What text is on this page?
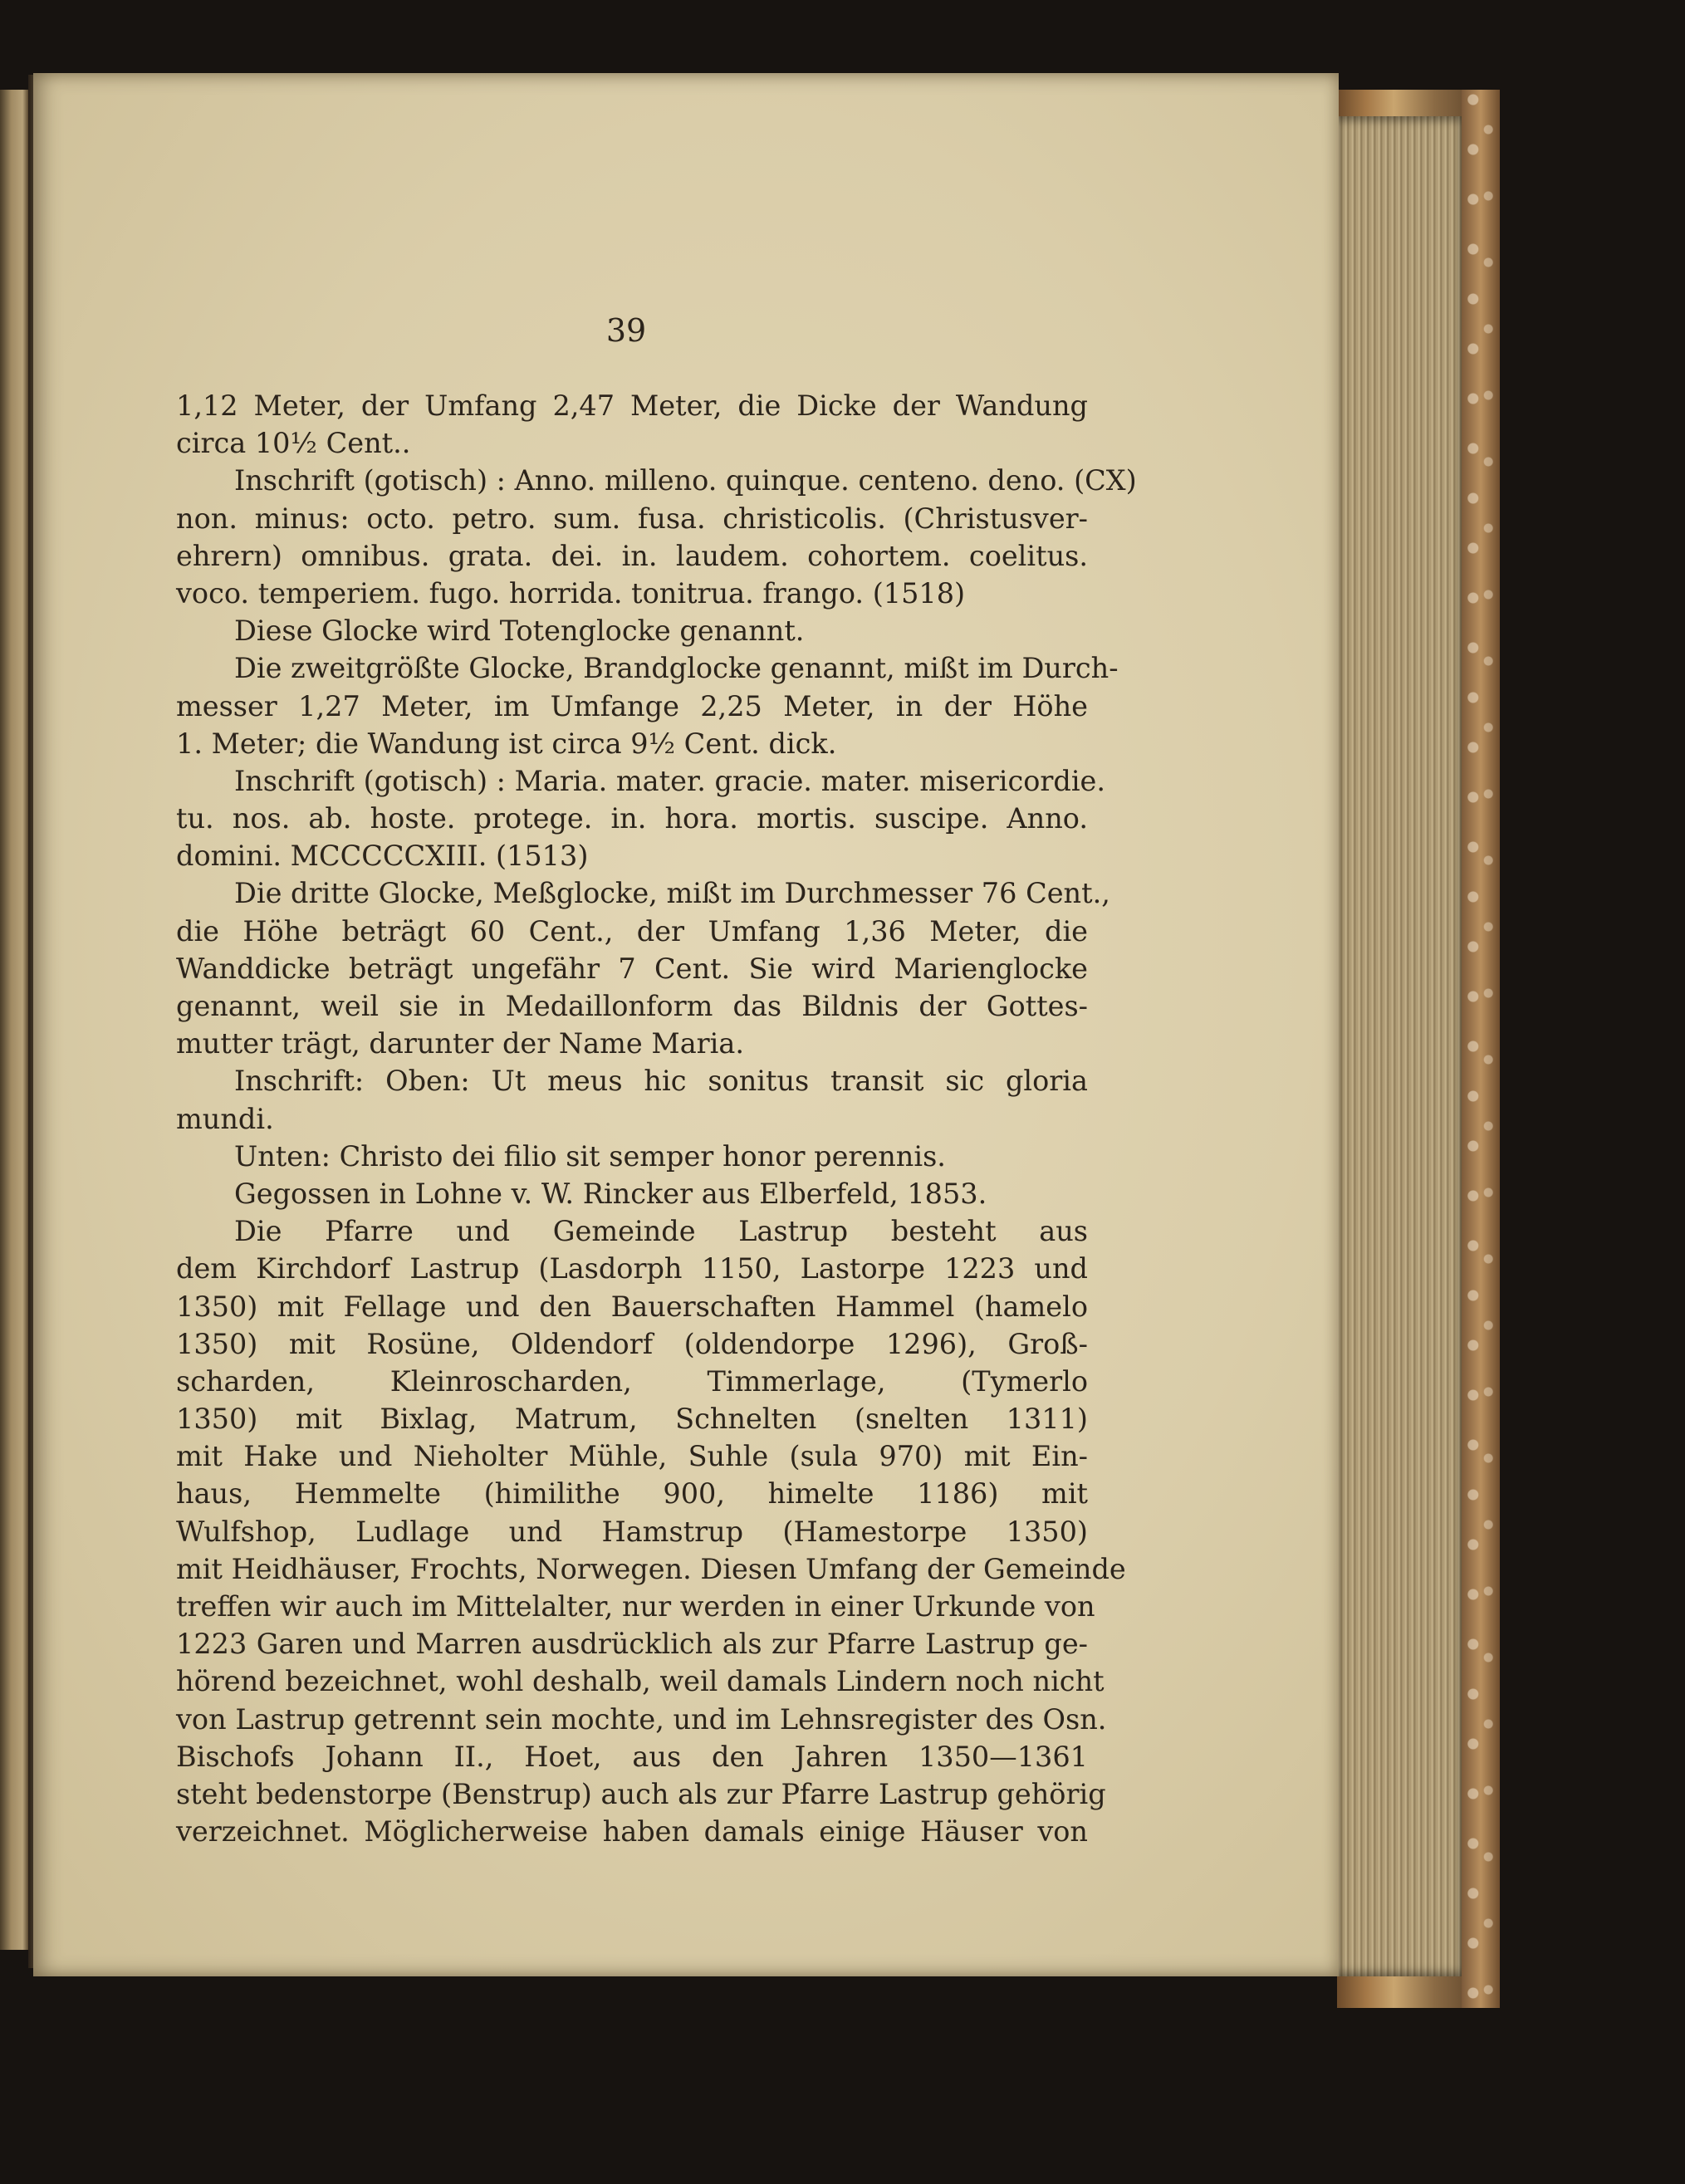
39
1,12 Meter, der Umfang 2,47 Meter, die Dicke der Wandung
circa 10½ Cent..
Inschrift (gotisch) : Anno. milleno. quinque. centeno. deno. (CX)
non. minus: octo. petro. sum. fusa. christicolis. (Christusver-
ehrern) omnibus. grata. dei. in. laudem. cohortem. coelitus.
voco. temperiem. fugo. horrida. tonitrua. frango. (1518)
Diese Glocke wird Totenglocke genannt.
Die zweitgrößte Glocke, Brandglocke genannt, mißt im Durch-
messer 1,27 Meter, im Umfange 2,25 Meter, in der Höhe
1. Meter; die Wandung ist circa 9½ Cent. dick.
Inschrift (gotisch) : Maria. mater. gracie. mater. misericordie.
tu. nos. ab. hoste. protege. in. hora. mortis. suscipe. Anno.
domini. MCCCCCXIII. (1513)
Die dritte Glocke, Meßglocke, mißt im Durchmesser 76 Cent.,
die Höhe beträgt 60 Cent., der Umfang 1,36 Meter, die
Wanddicke beträgt ungefähr 7 Cent. Sie wird Marienglocke
genannt, weil sie in Medaillonform das Bildnis der Gottes-
mutter trägt, darunter der Name Maria.
Inschrift: Oben: Ut meus hic sonitus transit sic gloria
mundi.
Unten: Christo dei filio sit semper honor perennis.
Gegossen in Lohne v. W. Rincker aus Elberfeld, 1853.
Die Pfarre und Gemeinde Lastrup besteht aus
dem Kirchdorf Lastrup (Lasdorph 1150, Lastorpe 1223 und
1350) mit Fellage und den Bauerschaften Hammel (hamelo
1350) mit Rosüne, Oldendorf (oldendorpe 1296), Groß-
scharden, Kleinroscharden, Timmerlage, (Tymerlo
1350) mit Bixlag, Matrum, Schnelten (snelten 1311)
mit Hake und Nieholter Mühle, Suhle (sula 970) mit Ein-
haus, Hemmelte (himilithe 900, himelte 1186) mit
Wulfshop, Ludlage und Hamstrup (Hamestorpe 1350)
mit Heidhäuser, Frochts, Norwegen. Diesen Umfang der Gemeinde
treffen wir auch im Mittelalter, nur werden in einer Urkunde von
1223 Garen und Marren ausdrücklich als zur Pfarre Lastrup ge-
hörend bezeichnet, wohl deshalb, weil damals Lindern noch nicht
von Lastrup getrennt sein mochte, und im Lehnsregister des Osn.
Bischofs Johann II., Hoet, aus den Jahren 1350—1361
steht bedenstorpe (Benstrup) auch als zur Pfarre Lastrup gehörig
verzeichnet. Möglicherweise haben damals einige Häuser von
